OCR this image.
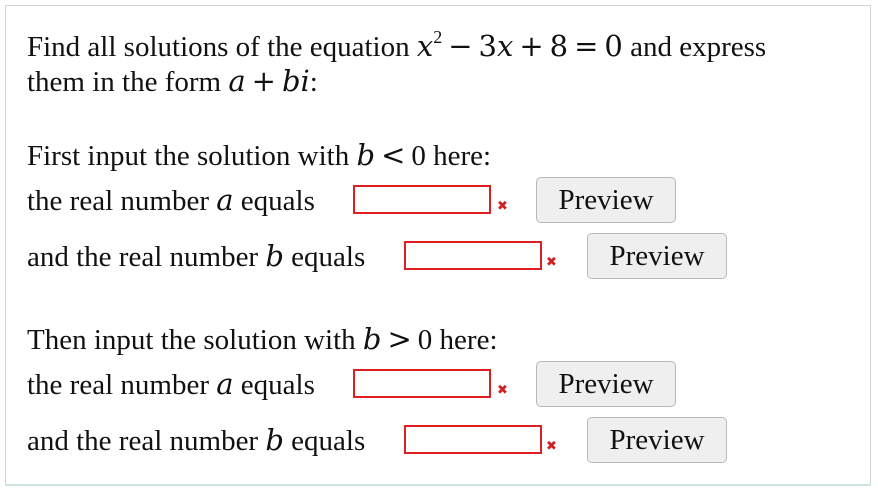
Find all solutions of the equation $x^2 - 3x + 8 = 0$ and express
them in the form a + bi:
First input the solution with b < 0 here:
the real number a equals	✖	Preview
and the real number b equals	✖	Preview
Then input the solution with b > 0 here:
the real number a equals	✖	Preview
and the real number b equals	✖	Preview
